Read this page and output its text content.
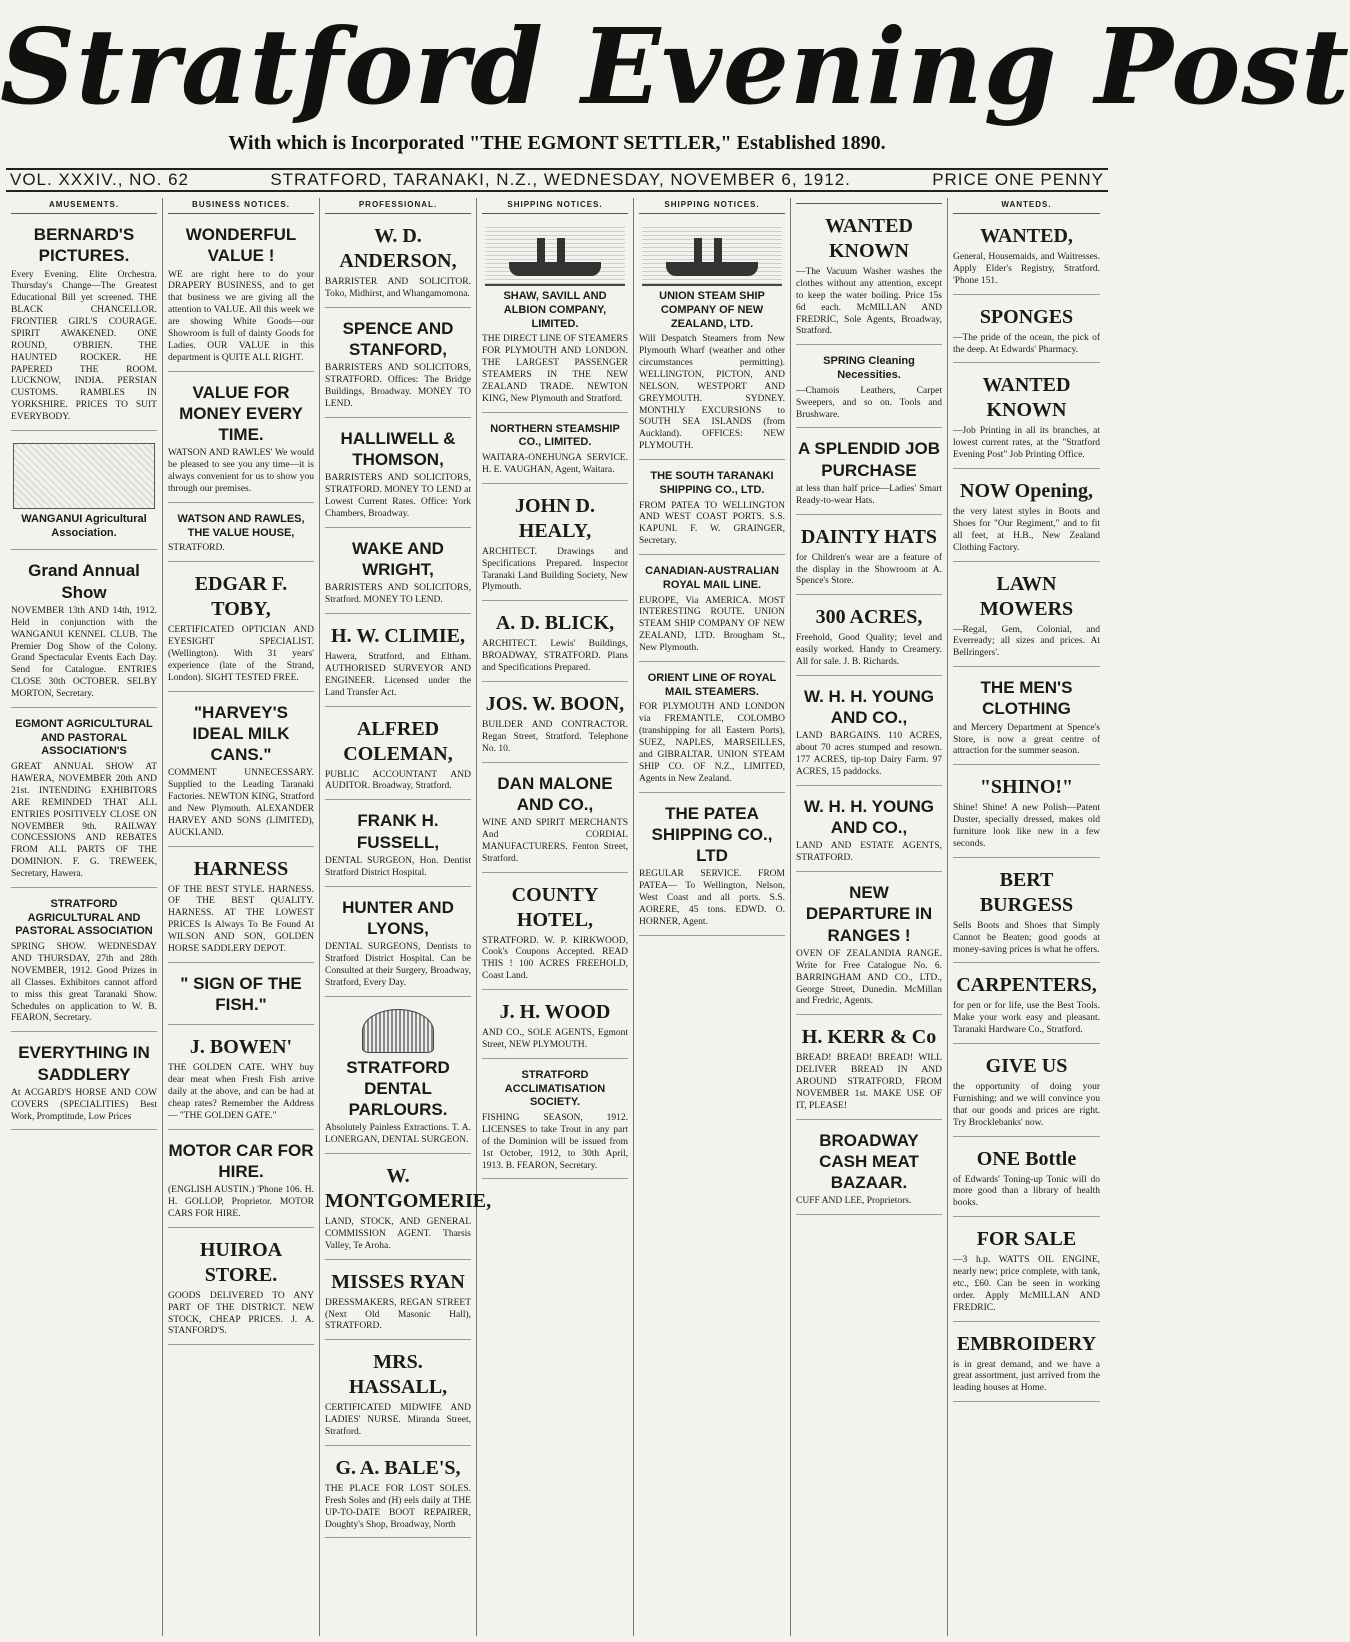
Stratford Evening Post
With which is Incorporated "THE EGMONT SETTLER," Established 1890.
VOL. XXXIV., NO. 62	STRATFORD, TARANAKI, N.Z., WEDNESDAY, NOVEMBER 6, 1912.	PRICE ONE PENNY
AMUSEMENTS.
BERNARD'S PICTURES.
Every Evening. Elite Orchestra. Thursday's Change—The Greatest Educational Bill yet screened. THE BLACK CHANCELLOR. FRONTIER GIRL'S COURAGE. SPIRIT AWAKENED. ONE ROUND, O'BRIEN. THE HAUNTED ROCKER. HE PAPERED THE ROOM. LUCKNOW, INDIA. PERSIAN CUSTOMS. RAMBLES IN YORKSHIRE. PRICES TO SUIT EVERYBODY.
WANGANUI Agricultural Association.
Grand Annual Show
NOVEMBER 13th AND 14th, 1912. Held in conjunction with the WANGANUI KENNEL CLUB. The Premier Dog Show of the Colony. Grand Spectacular Events Each Day. Send for Catalogue. ENTRIES CLOSE 30th OCTOBER. SELBY MORTON, Secretary.
EGMONT AGRICULTURAL AND PASTORAL ASSOCIATION'S
GREAT ANNUAL SHOW AT HAWERA, NOVEMBER 20th AND 21st. INTENDING EXHIBITORS ARE REMINDED THAT ALL ENTRIES POSITIVELY CLOSE ON NOVEMBER 9th. RAILWAY CONCESSIONS AND REBATES FROM ALL PARTS OF THE DOMINION. F. G. TREWEEK, Secretary, Hawera.
STRATFORD AGRICULTURAL AND PASTORAL ASSOCIATION
SPRING SHOW. WEDNESDAY AND THURSDAY, 27th and 28th NOVEMBER, 1912. Good Prizes in all Classes. Exhibitors cannot afford to miss this great Taranaki Show. Schedules on application to W. B. FEARON, Secretary.
EVERYTHING IN SADDLERY
At ACGARD'S HORSE AND COW COVERS (SPECIALITIES) Best Work, Promptitude, Low Prices
BUSINESS NOTICES.
WONDERFUL VALUE !
WE are right here to do your DRAPERY BUSINESS, and to get that business we are giving all the attention to VALUE. All this week we are showing White Goods—our Showroom is full of dainty Goods for Ladies. OUR VALUE in this department is QUITE ALL RIGHT.
VALUE FOR MONEY EVERY TIME.
WATSON AND RAWLES' We would be pleased to see you any time—it is always convenient for us to show you through our premises.
WATSON AND RAWLES, THE VALUE HOUSE,
STRATFORD.
EDGAR F. TOBY,
CERTIFICATED OPTICIAN AND EYESIGHT SPECIALIST. (Wellington). With 31 years' experience (late of the Strand, London). SIGHT TESTED FREE.
"HARVEY'S IDEAL MILK CANS."
COMMENT UNNECESSARY. Supplied to the Leading Taranaki Factories. NEWTON KING, Stratford and New Plymouth. ALEXANDER HARVEY AND SONS (LIMITED), AUCKLAND.
HARNESS
OF THE BEST STYLE. HARNESS. OF THE BEST QUALITY. HARNESS. AT THE LOWEST PRICES Is Always To Be Found At WILSON AND SON, GOLDEN HORSE SADDLERY DEPOT.
" SIGN OF THE FISH."
J. BOWEN'
THE GOLDEN CATE. WHY buy dear meat when Fresh Fish arrive daily at the above, and can be had at cheap rates? Remember the Address— "THE GOLDEN GATE."
MOTOR CAR FOR HIRE.
(ENGLISH AUSTIN.) 'Phone 106. H. H. GOLLOP, Proprietor. MOTOR CARS FOR HIRE.
HUIROA STORE.
GOODS DELIVERED TO ANY PART OF THE DISTRICT. NEW STOCK, CHEAP PRICES. J. A. STANFORD'S.
PROFESSIONAL.
W. D. ANDERSON,
BARRISTER AND SOLICITOR. Toko, Midhirst, and Whangamomona.
SPENCE AND STANFORD,
BARRISTERS AND SOLICITORS, STRATFORD. Offices: The Bridge Buildings, Broadway. MONEY TO LEND.
HALLIWELL & THOMSON,
BARRISTERS AND SOLICITORS, STRATFORD. MONEY TO LEND at Lowest Current Rates. Office: York Chambers, Broadway.
WAKE AND WRIGHT,
BARRISTERS AND SOLICITORS, Stratford. MONEY TO LEND.
H. W. CLIMIE,
Hawera, Stratford, and Eltham. AUTHORISED SURVEYOR AND ENGINEER. Licensed under the Land Transfer Act.
ALFRED COLEMAN,
PUBLIC ACCOUNTANT AND AUDITOR. Broadway, Stratford.
FRANK H. FUSSELL,
DENTAL SURGEON, Hon. Dentist Stratford District Hospital.
HUNTER AND LYONS,
DENTAL SURGEONS, Dentists to Stratford District Hospital. Can be Consulted at their Surgery, Broadway, Stratford, Every Day.
STRATFORD DENTAL PARLOURS.
Absolutely Painless Extractions. T. A. LONERGAN, DENTAL SURGEON.
W. MONTGOMERIE,
LAND, STOCK, AND GENERAL COMMISSION AGENT. Tharsis Valley, Te Aroha.
MISSES RYAN
DRESSMAKERS, REGAN STREET (Next Old Masonic Hall), STRATFORD.
MRS. HASSALL,
CERTIFICATED MIDWIFE AND LADIES' NURSE. Miranda Street, Stratford.
G. A. BALE'S,
THE PLACE FOR LOST SOLES. Fresh Soles and (H) eels daily at THE UP-TO-DATE BOOT REPAIRER, Doughty's Shop, Broadway, North
SHIPPING NOTICES.
SHAW, SAVILL AND ALBION COMPANY, LIMITED.
THE DIRECT LINE OF STEAMERS FOR PLYMOUTH AND LONDON. THE LARGEST PASSENGER STEAMERS IN THE NEW ZEALAND TRADE. NEWTON KING, New Plymouth and Stratford.
NORTHERN STEAMSHIP CO., LIMITED.
WAITARA-ONEHUNGA SERVICE. H. E. VAUGHAN, Agent, Waitara.
JOHN D. HEALY,
ARCHITECT. Drawings and Specifications Prepared. Inspector Taranaki Land Building Society, New Plymouth.
A. D. BLICK,
ARCHITECT. Lewis' Buildings, BROADWAY, STRATFORD. Plans and Specifications Prepared.
JOS. W. BOON,
BUILDER AND CONTRACTOR. Regan Street, Stratford. Telephone No. 10.
DAN MALONE AND CO.,
WINE AND SPIRIT MERCHANTS And CORDIAL MANUFACTURERS. Fenton Street, Stratford.
COUNTY HOTEL,
STRATFORD. W. P. KIRKWOOD, Cook's Coupons Accepted. READ THIS ! 100 ACRES FREEHOLD, Coast Land.
J. H. WOOD
AND CO., SOLE AGENTS, Egmont Street, NEW PLYMOUTH.
STRATFORD ACCLIMATISATION SOCIETY.
FISHING SEASON, 1912. LICENSES to take Trout in any part of the Dominion will be issued from 1st October, 1912, to 30th April, 1913. B. FEARON, Secretary.
SHIPPING NOTICES.
UNION STEAM SHIP COMPANY OF NEW ZEALAND, LTD.
Will Despatch Steamers from New Plymouth Wharf (weather and other circumstances permitting). WELLINGTON, PICTON, AND NELSON. WESTPORT AND GREYMOUTH. SYDNEY. MONTHLY EXCURSIONS to SOUTH SEA ISLANDS (from Auckland). OFFICES: NEW PLYMOUTH.
THE SOUTH TARANAKI SHIPPING CO., LTD.
FROM PATEA TO WELLINGTON AND WEST COAST PORTS. S.S. KAPUNI. F. W. GRAINGER, Secretary.
CANADIAN-AUSTRALIAN ROYAL MAIL LINE.
EUROPE, Via AMERICA. MOST INTERESTING ROUTE. UNION STEAM SHIP COMPANY OF NEW ZEALAND, LTD. Brougham St., New Plymouth.
ORIENT LINE OF ROYAL MAIL STEAMERS.
FOR PLYMOUTH AND LONDON via FREMANTLE, COLOMBO (transhipping for all Eastern Ports), SUEZ, NAPLES, MARSEILLES, and GIBRALTAR. UNION STEAM SHIP CO. OF N.Z., LIMITED, Agents in New Zealand.
THE PATEA SHIPPING CO., LTD
REGULAR SERVICE. FROM PATEA— To Wellington, Nelson, West Coast and all ports. S.S. AORERE, 45 tons. EDWD. O. HORNER, Agent.
WANTED KNOWN
—The Vacuum Washer washes the clothes without any attention, except to keep the water boiling. Price 15s 6d each. McMILLAN AND FREDRIC, Sole Agents, Broadway, Stratford.
SPRING Cleaning Necessities.
—Chamois Leathers, Carpet Sweepers, and so on. Tools and Brushware.
A SPLENDID JOB PURCHASE
at less than half price—Ladies' Smart Ready-to-wear Hats.
DAINTY HATS
for Children's wear are a feature of the display in the Showroom at A. Spence's Store.
300 ACRES,
Freehold, Good Quality; level and easily worked. Handy to Creamery. All for sale. J. B. Richards.
W. H. H. YOUNG AND CO.,
LAND BARGAINS. 110 ACRES, about 70 acres stumped and resown. 177 ACRES, tip-top Dairy Farm. 97 ACRES, 15 paddocks.
W. H. H. YOUNG AND CO.,
LAND AND ESTATE AGENTS, STRATFORD.
NEW DEPARTURE IN RANGES !
OVEN OF ZEALANDIA RANGE. Write for Free Catalogue No. 6. BARRINGHAM AND CO., LTD., George Street, Dunedin. McMillan and Fredric, Agents.
H. KERR & Co
BREAD! BREAD! BREAD! WILL DELIVER BREAD IN AND AROUND STRATFORD, FROM NOVEMBER 1st. MAKE USE OF IT, PLEASE!
BROADWAY CASH MEAT BAZAAR.
CUFF AND LEE, Proprietors.
WANTEDS.
WANTED,
General, Housemaids, and Waitresses. Apply Elder's Registry, Stratford. 'Phone 151.
SPONGES
—The pride of the ocean, the pick of the deep. At Edwards' Pharmacy.
WANTED KNOWN
—Job Printing in all its branches, at lowest current rates, at the "Stratford Evening Post" Job Printing Office.
NOW Opening,
the very latest styles in Boots and Shoes for "Our Regiment," and to fit all feet, at H.B., New Zealand Clothing Factory.
LAWN MOWERS
—Regal, Gem, Colonial, and Everready; all sizes and prices. At Bellringers'.
THE MEN'S CLOTHING
and Mercery Department at Spence's Store, is now a great centre of attraction for the summer season.
"SHINO!"
Shine! Shine! A new Polish—Patent Duster, specially dressed, makes old furniture look like new in a few seconds.
BERT BURGESS
Sells Boots and Shoes that Simply Cannot be Beaten; good goods at money-saving prices is what he offers.
CARPENTERS,
for pen or for life, use the Best Tools. Make your work easy and pleasant. Taranaki Hardware Co., Stratford.
GIVE US
the opportunity of doing your Furnishing; and we will convince you that our goods and prices are right. Try Brocklebanks' now.
ONE Bottle
of Edwards' Toning-up Tonic will do more good than a library of health books.
FOR SALE
—3 h.p. WATTS OIL ENGINE, nearly new; price complete, with tank, etc., £60. Can be seen in working order. Apply McMILLAN AND FREDRIC.
EMBROIDERY
is in great demand, and we have a great assortment, just arrived from the leading houses at Home.
